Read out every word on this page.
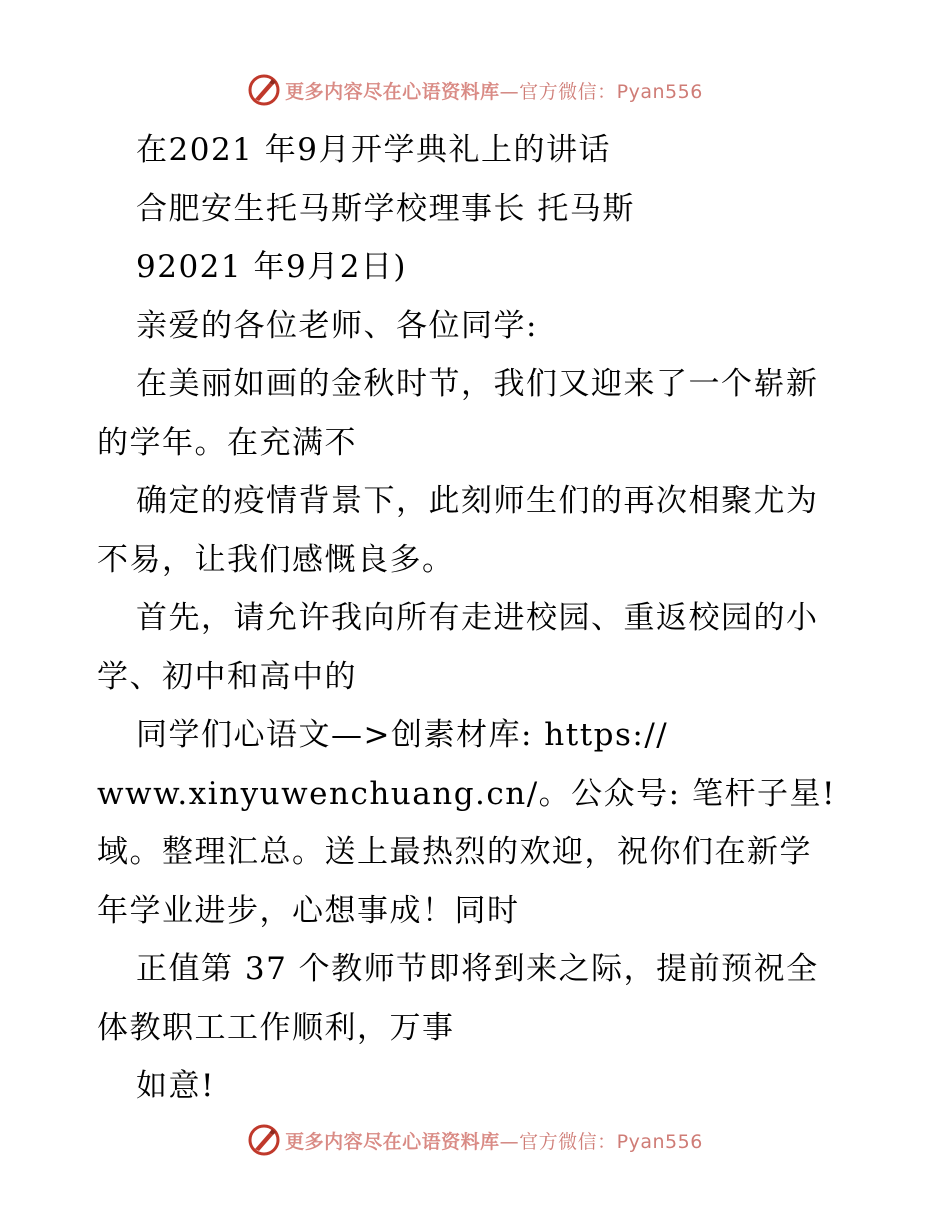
更多内容尽在心语资料库—官方微信：Pyan556
在2021 年9月开学典礼上的讲话
合肥安生托马斯学校理事长 托马斯
92021 年9月2日)
亲爱的各位老师、各位同学:
在美丽如画的金秋时节，我们又迎来了一个崭新
的学年。在充满不
确定的疫情背景下，此刻师生们的再次相聚尤为
不易，让我们感慨良多。
首先，请允许我向所有走进校园、重返校园的小
学、初中和高中的
同学们心语文—>创素材库: https://
www.xinyuwenchuang.cn/。公众号: 笔杆子星!
域。整理汇总。送上最热烈的欢迎，祝你们在新学
年学业进步，心想事成！同时
正值第 37 个教师节即将到来之际，提前预祝全
体教职工工作顺利，万事
如意!
更多内容尽在心语资料库—官方微信：Pyan556
